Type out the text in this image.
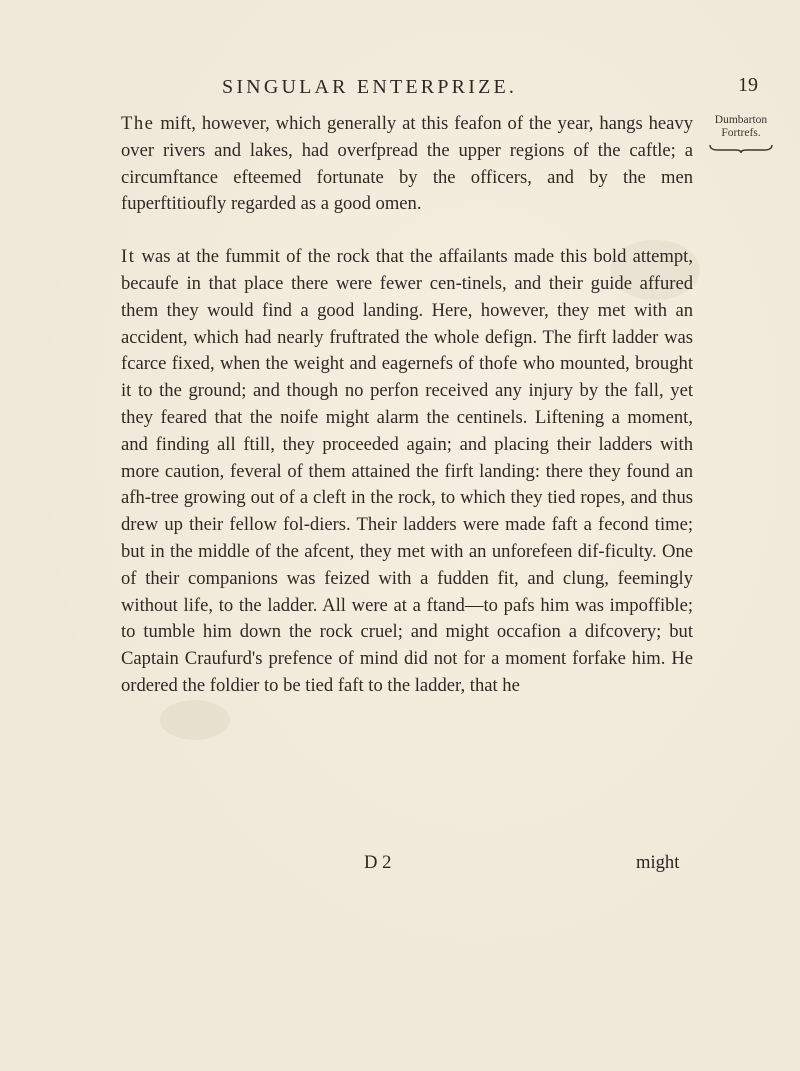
SINGULAR ENTERPRIZE.	19
Dumbarton
Fortrefs.

The mift, however, which generally at this feafon of the year, hangs heavy over rivers and lakes, had overfpread the upper regions of the caftle; a circumftance efteemed fortunate by the officers, and by the men fuperftitioufly regarded as a good omen.

It was at the fummit of the rock that the affailants made this bold attempt, becaufe in that place there were fewer cen-tinels, and their guide affured them they would find a good landing. Here, however, they met with an accident, which had nearly fruftrated the whole defign. The firft ladder was fcarce fixed, when the weight and eagernefs of thofe who mounted, brought it to the ground; and though no perfon received any injury by the fall, yet they feared that the noife might alarm the centinels. Liftening a moment, and finding all ftill, they proceeded again; and placing their ladders with more caution, feveral of them attained the firft landing: there they found an afh-tree growing out of a cleft in the rock, to which they tied ropes, and thus drew up their fellow fol-diers. Their ladders were made faft a fecond time; but in the middle of the afcent, they met with an unforefeen dif-ficulty. One of their companions was feized with a fudden fit, and clung, feemingly without life, to the ladder. All were at a ftand—to pafs him was impoffible; to tumble him down the rock cruel; and might occafion a difcovery; but Captain Craufurd's prefence of mind did not for a moment forfake him. He ordered the foldier to be tied faft to the ladder, that he

D 2	might
